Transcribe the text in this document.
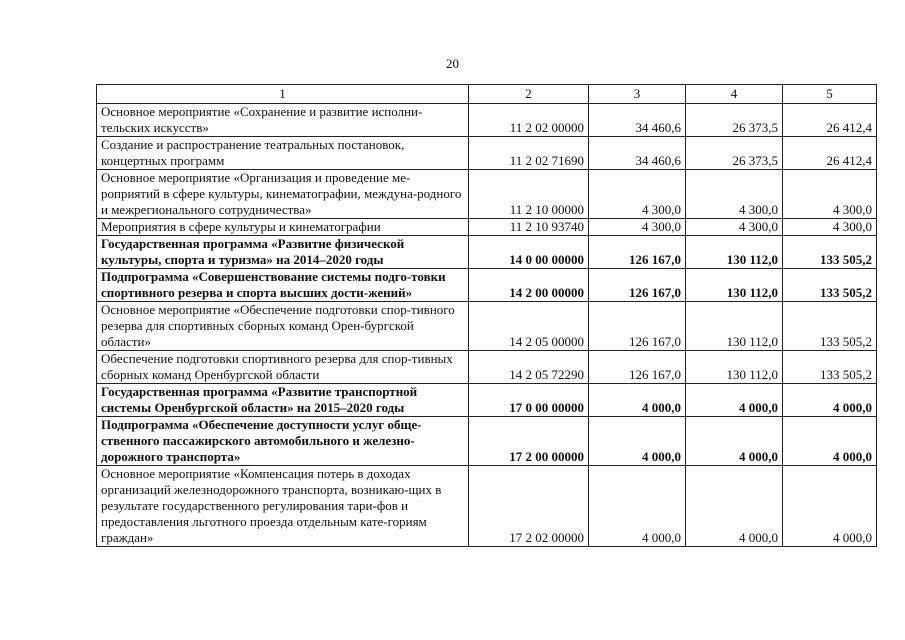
20
1	2	3	4	5
Основное мероприятие «Сохранение и развитие исполни-тельских искусств»	11 2 02 00000	34 460,6	26 373,5	26 412,4
Создание и распространение театральных постановок, концертных программ	11 2 02 71690	34 460,6	26 373,5	26 412,4
Основное мероприятие «Организация и проведение ме-роприятий в сфере культуры, кинематографии, междуна-родного и межрегионального сотрудничества»	11 2 10 00000	4 300,0	4 300,0	4 300,0
Мероприятия в сфере культуры и кинематографии	11 2 10 93740	4 300,0	4 300,0	4 300,0
Государственная программа «Развитие физической культуры, спорта и туризма» на 2014–2020 годы	14 0 00 00000	126 167,0	130 112,0	133 505,2
Подпрограмма «Совершенствование системы подго-товки спортивного резерва и спорта высших дости-жений»	14 2 00 00000	126 167,0	130 112,0	133 505,2
Основное мероприятие «Обеспечение подготовки спор-тивного резерва для спортивных сборных команд Орен-бургской области»	14 2 05 00000	126 167,0	130 112,0	133 505,2
Обеспечение подготовки спортивного резерва для спор-тивных сборных команд Оренбургской области	14 2 05 72290	126 167,0	130 112,0	133 505,2
Государственная программа «Развитие транспортной системы Оренбургской области» на 2015–2020 годы	17 0 00 00000	4 000,0	4 000,0	4 000,0
Подпрограмма «Обеспечение доступности услуг обще-ственного пассажирского автомобильного и железно-дорожного транспорта»	17 2 00 00000	4 000,0	4 000,0	4 000,0
Основное мероприятие «Компенсация потерь в доходах организаций железнодорожного транспорта, возникаю-щих в результате государственного регулирования тари-фов и предоставления льготного проезда отдельным кате-гориям граждан»	17 2 02 00000	4 000,0	4 000,0	4 000,0
